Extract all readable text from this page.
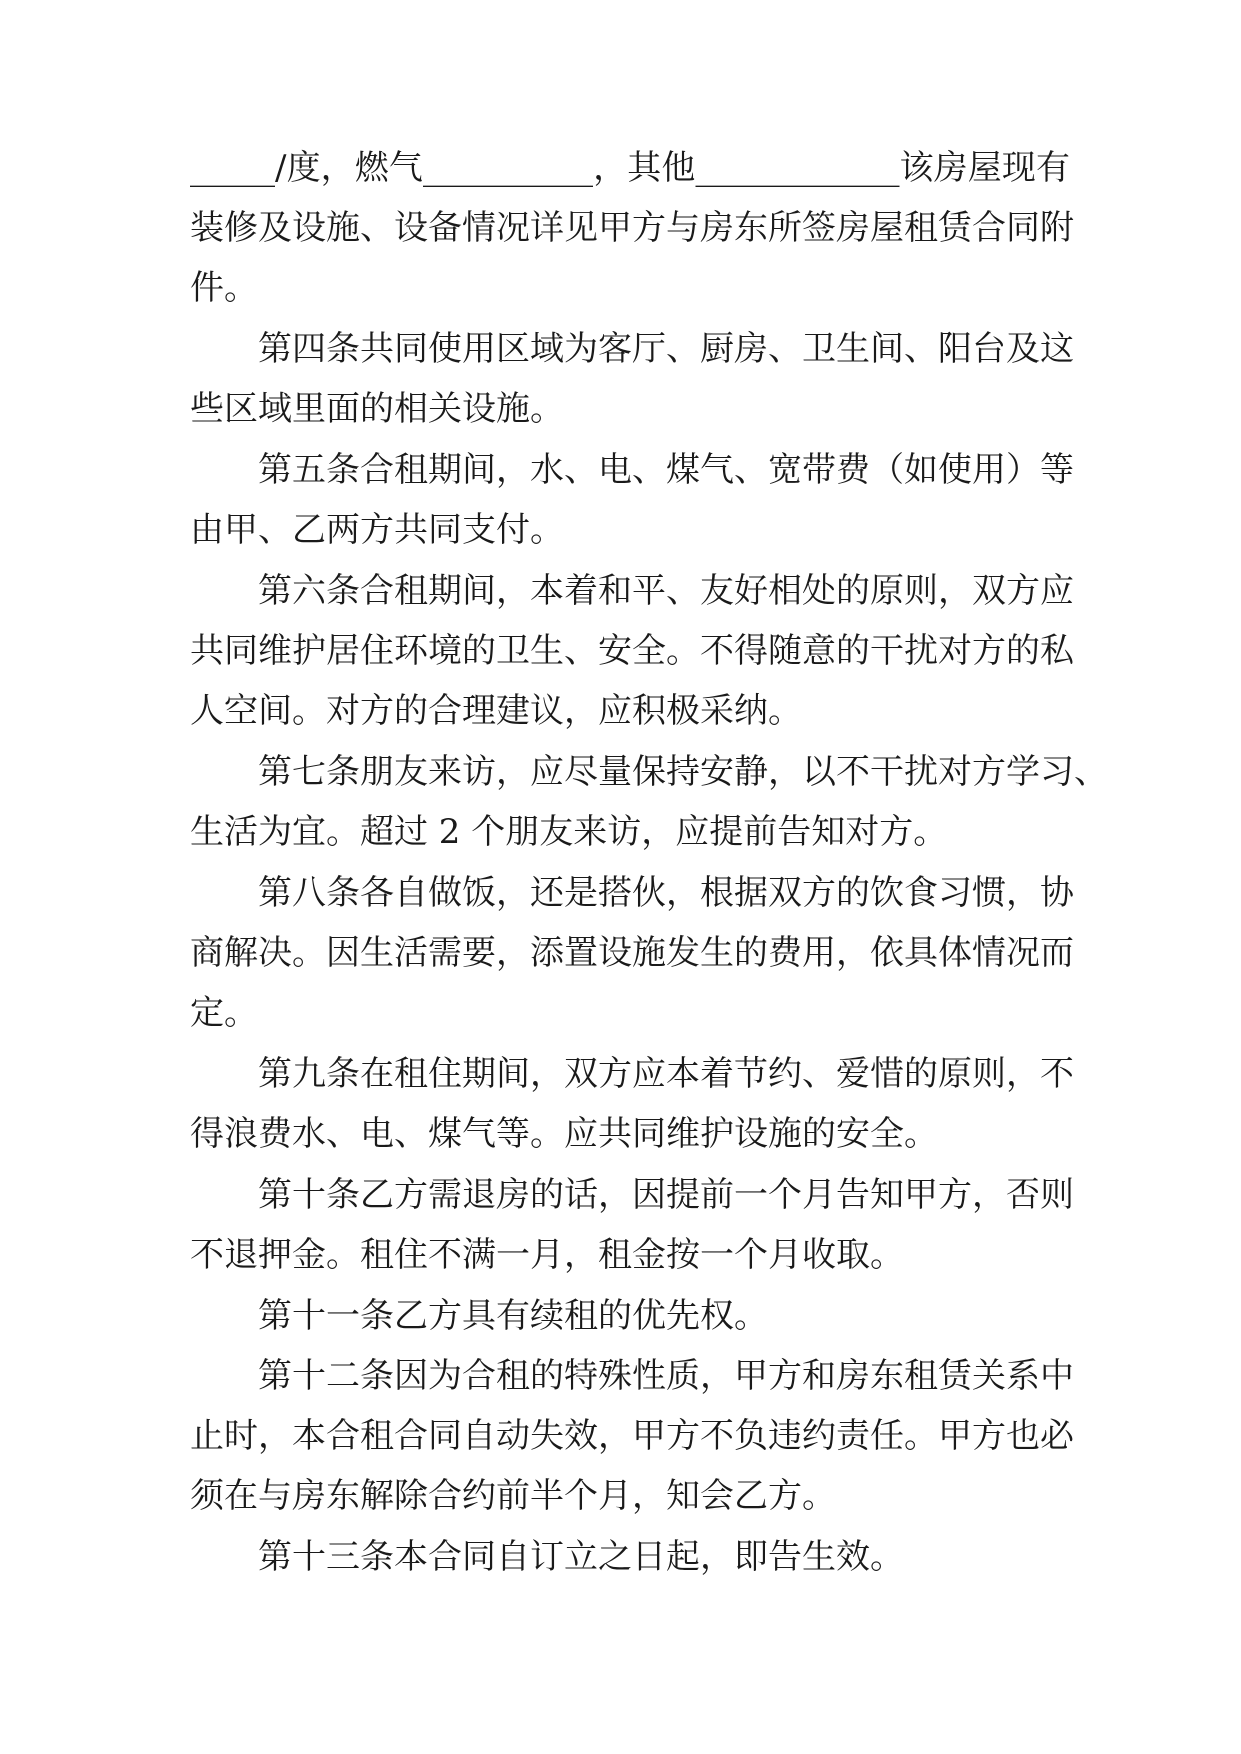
_____/度，燃气__________，其他____________该房屋现有
装修及设施、设备情况详见甲方与房东所签房屋租赁合同附
件。
第四条共同使用区域为客厅、厨房、卫生间、阳台及这
些区域里面的相关设施。
第五条合租期间，水、电、煤气、宽带费（如使用）等
由甲、乙两方共同支付。
第六条合租期间，本着和平、友好相处的原则，双方应
共同维护居住环境的卫生、安全。不得随意的干扰对方的私
人空间。对方的合理建议，应积极采纳。
第七条朋友来访，应尽量保持安静，以不干扰对方学习、
生活为宜。超过 2 个朋友来访，应提前告知对方。
第八条各自做饭，还是搭伙，根据双方的饮食习惯，协
商解决。因生活需要，添置设施发生的费用，依具体情况而
定。
第九条在租住期间，双方应本着节约、爱惜的原则，不
得浪费水、电、煤气等。应共同维护设施的安全。
第十条乙方需退房的话，因提前一个月告知甲方，否则
不退押金。租住不满一月，租金按一个月收取。
第十一条乙方具有续租的优先权。
第十二条因为合租的特殊性质，甲方和房东租赁关系中
止时，本合租合同自动失效，甲方不负违约责任。甲方也必
须在与房东解除合约前半个月，知会乙方。
第十三条本合同自订立之日起，即告生效。
